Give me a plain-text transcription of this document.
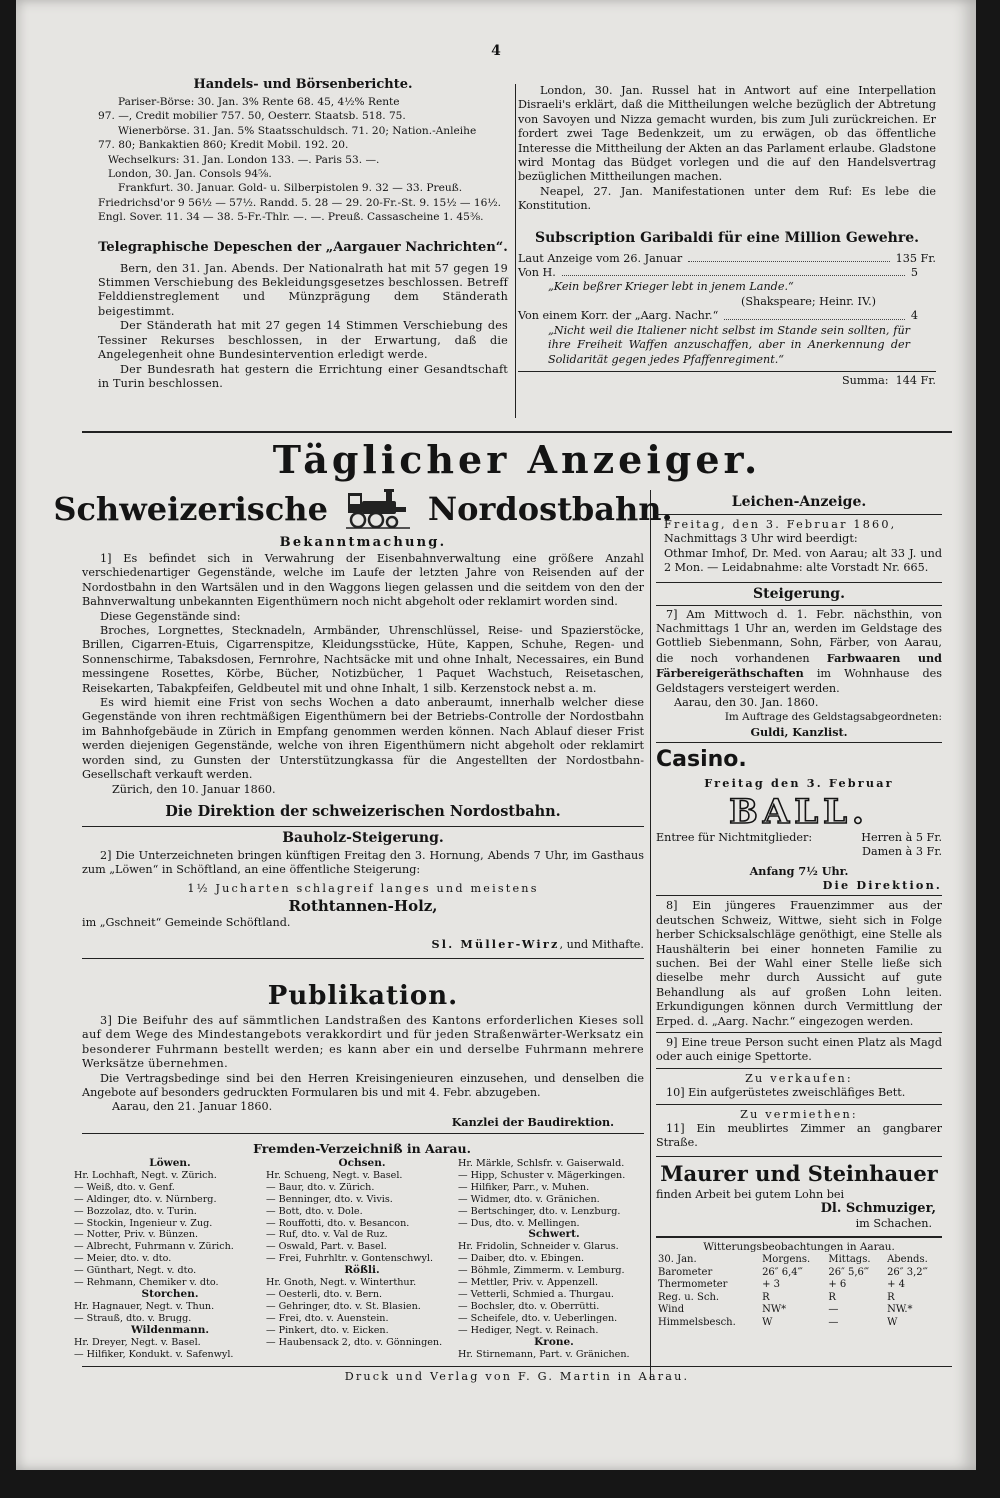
4
Handels- und Börsenberichte.

Pariser-Börse: 30. Jan. 3% Rente 68. 45, 4½% Rente

97. —, Credit mobilier 757. 50, Oesterr. Staatsb. 518. 75.

Wienerbörse. 31. Jan. 5% Staatsschuldsch. 71. 20; Nation.-Anleihe

77. 80; Bankaktien 860; Kredit Mobil. 192. 20.

Wechselkurs: 31. Jan. London 133. —. Paris 53. —.

London, 30. Jan. Consols 94⅝.

Frankfurt. 30. Januar. Gold- u. Silberpistolen 9. 32 — 33. Preuß.

Friedrichsd'or 9 56½ — 57½. Randd. 5. 28 — 29. 20-Fr.-St. 9. 15½ — 16½.

Engl. Sover. 11. 34 — 38. 5-Fr.-Thlr. —. —. Preuß. Cassascheine 1. 45⅜.

Telegraphische Depeschen der „Aargauer Nachrichten“.

Bern, den 31. Jan. Abends. Der Nationalrath hat mit 57 gegen 19 Stimmen Verschiebung des Bekleidungsgesetzes beschlossen. Betreff Felddienstreglement und Münzprägung dem Ständerath beigestimmt.

Der Ständerath hat mit 27 gegen 14 Stimmen Verschiebung des Tessiner Rekurses beschlossen, in der Erwartung, daß die Angelegenheit ohne Bundesintervention erledigt werde.

Der Bundesrath hat gestern die Errichtung einer Gesandtschaft in Turin beschlossen.

London, 30. Jan. Russel hat in Antwort auf eine Interpellation Disraeli's erklärt, daß die Mittheilungen welche bezüglich der Abtretung von Savoyen und Nizza gemacht wurden, bis zum Juli zurückreichen. Er fordert zwei Tage Bedenkzeit, um zu erwägen, ob das öffentliche Interesse die Mittheilung der Akten an das Parlament erlaube. Gladstone wird Montag das Büdget vorlegen und die auf den Handelsvertrag bezüglichen Mittheilungen machen.

Neapel, 27. Jan. Manifestationen unter dem Ruf: Es lebe die Konstitution.

Subscription Garibaldi für eine Million Gewehre.
Laut Anzeige vom 26. Januar	135 Fr.
Von H.	5

„Kein beßrer Krieger lebt in jenem Lande.“

(Shakspeare; Heinr. IV.)

Von einem Korr. der „Aarg. Nachr.“	4

„Nicht weil die Italiener nicht selbst im Stande sein sollten, für ihre Freiheit Waffen anzuschaffen, aber in Anerkennung der Solidarität gegen jedes Pfaffenregiment.“

Summa: 144 Fr.

Täglicher Anzeiger.
Schweizerische	Nordostbahn.
Bekanntmachung.

1] Es befindet sich in Verwahrung der Eisenbahnverwaltung eine größere Anzahl verschiedenartiger Gegenstände, welche im Laufe der letzten Jahre von Reisenden auf der Nordostbahn in den Wartsälen und in den Waggons liegen gelassen und die seitdem von den der Bahnverwaltung unbekannten Eigenthümern noch nicht abgeholt oder reklamirt worden sind.

Diese Gegenstände sind:

Broches, Lorgnettes, Stecknadeln, Armbänder, Uhrenschlüssel, Reise- und Spazierstöcke, Brillen, Cigarren-Etuis, Cigarrenspitze, Kleidungsstücke, Hüte, Kappen, Schuhe, Regen- und Sonnenschirme, Tabaksdosen, Fernrohre, Nachtsäcke mit und ohne Inhalt, Necessaires, ein Bund messingene Rosettes, Körbe, Bücher, Notizbücher, 1 Paquet Wachstuch, Reisetaschen, Reisekarten, Tabakpfeifen, Geldbeutel mit und ohne Inhalt, 1 silb. Kerzenstock nebst a. m.

Es wird hiemit eine Frist von sechs Wochen a dato anberaumt, innerhalb welcher diese Gegenstände von ihren rechtmäßigen Eigenthümern bei der Betriebs-Controlle der Nordostbahn im Bahnhofgebäude in Zürich in Empfang genommen werden können. Nach Ablauf dieser Frist werden diejenigen Gegenstände, welche von ihren Eigenthümern nicht abgeholt oder reklamirt worden sind, zu Gunsten der Unterstützungkassa für die Angestellten der Nordostbahn-Gesellschaft verkauft werden.

Zürich, den 10. Januar 1860.

Die Direktion der schweizerischen Nordostbahn.
Bauholz-Steigerung.

2] Die Unterzeichneten bringen künftigen Freitag den 3. Hornung, Abends 7 Uhr, im Gasthaus zum „Löwen“ in Schöftland, an eine öffentliche Steigerung:

1½ Jucharten schlagreif langes und meistens

Rothtannen-Holz,

im „Gschneit“ Gemeinde Schöftland.

Sl. Müller-Wirz, und Mithafte.

Publikation.

3] Die Beifuhr des auf sämmtlichen Landstraßen des Kantons erforderlichen Kieses soll auf dem Wege des Mindestangebots verakkordirt und für jeden Straßenwärter-Werksatz ein besonderer Fuhrmann bestellt werden; es kann aber ein und derselbe Fuhrmann mehrere Werksätze übernehmen.

Die Vertragsbedinge sind bei den Herren Kreisingenieuren einzusehen, und denselben die Angebote auf besonders gedruckten Formularen bis und mit 4. Febr. abzugeben.

Aarau, den 21. Januar 1860.

Kanzlei der Baudirektion.

Fremden-Verzeichniß in Aarau.

Löwen.

Hr. Lochhaft, Negt. v. Zürich.

— Weiß, dto. v. Genf.

— Aldinger, dto. v. Nürnberg.

— Bozzolaz, dto. v. Turin.

— Stockin, Ingenieur v. Zug.

— Notter, Priv. v. Bünzen.

— Albrecht, Fuhrmann v. Zürich.

— Meier, dto. v. dto.

— Günthart, Negt. v. dto.

— Rehmann, Chemiker v. dto.

Storchen.

Hr. Hagnauer, Negt. v. Thun.

— Strauß, dto. v. Brugg.

Wildenmann.

Hr. Dreyer, Negt. v. Basel.

— Hilfiker, Kondukt. v. Safenwyl.

Ochsen.

Hr. Schueng, Negt. v. Basel.

— Baur, dto. v. Zürich.

— Benninger, dto. v. Vivis.

— Bott, dto. v. Dole.

— Rouffotti, dto. v. Besancon.

— Ruf, dto. v. Val de Ruz.

— Oswald, Part. v. Basel.

— Frei, Fuhrhltr. v. Gontenschwyl.

Rößli.

Hr. Gnoth, Negt. v. Winterthur.

— Oesterli, dto. v. Bern.

— Gehringer, dto. v. St. Blasien.

— Frei, dto. v. Auenstein.

— Pinkert, dto. v. Eicken.

— Haubensack 2, dto. v. Gönningen.

Hr. Märkle, Schlsfr. v. Gaiserwald.

— Hipp, Schuster v. Mägerkingen.

— Hilfiker, Parr., v. Muhen.

— Widmer, dto. v. Gränichen.

— Bertschinger, dto. v. Lenzburg.

— Dus, dto. v. Mellingen.

Schwert.

Hr. Fridolin, Schneider v. Glarus.

— Daiber, dto. v. Ebingen.

— Böhmle, Zimmerm. v. Lemburg.

— Mettler, Priv. v. Appenzell.

— Vetterli, Schmied a. Thurgau.

— Bochsler, dto. v. Oberrütti.

— Scheifele, dto. v. Ueberlingen.

— Hediger, Negt. v. Reinach.

Krone.

Hr. Stirnemann, Part. v. Gränichen.

Druck und Verlag von F. G. Martin in Aarau.
Leichen-Anzeige.

Freitag, den 3. Februar 1860,

Nachmittags 3 Uhr wird beerdigt:

Othmar Imhof, Dr. Med. von Aarau; alt 33 J. und 2 Mon. — Leidabnahme: alte Vorstadt Nr. 665.

Steigerung.

7] Am Mittwoch d. 1. Febr. nächsthin, von Nachmittags 1 Uhr an, werden im Geldstage des Gottlieb Siebenmann, Sohn, Färber, von Aarau, die noch vorhandenen Farbwaaren und Färbereigeräthschaften im Wohnhause des Geldstagers versteigert werden.

Aarau, den 30. Jan. 1860.

Im Auftrage des Geldstagsabgeordneten:

Guldi, Kanzlist.

Casino.

Freitag den 3. Februar

BALL.

Entree für Nichtmitglieder:	Herren à 5 Fr.

Damen à 3 Fr.

Anfang 7½ Uhr.

Die Direktion.

8] Ein jüngeres Frauenzimmer aus der deutschen Schweiz, Wittwe, sieht sich in Folge herber Schicksalschläge genöthigt, eine Stelle als Haushälterin bei einer honneten Familie zu suchen. Bei der Wahl einer Stelle ließe sich dieselbe mehr durch Aussicht auf gute Behandlung als auf großen Lohn leiten. Erkundigungen können durch Vermittlung der Erped. d. „Aarg. Nachr.“ eingezogen werden.

9] Eine treue Person sucht einen Platz als Magd oder auch einige Spettorte.

Zu verkaufen:

10] Ein aufgerüstetes zweischläfiges Bett.

Zu vermiethen:

11] Ein meublirtes Zimmer an gangbarer Straße.

Maurer und Steinhauer

finden Arbeit bei gutem Lohn bei

Dl. Schmuziger,

im Schachen.

Witterungsbeobachtungen in Aarau.

30. Jan.	Morgens.	Mittags.	Abends.
Barometer	26″ 6,4‴	26″ 5,6‴	26″ 3,2‴
Thermometer	+ 3	+ 6	+ 4
Reg. u. Sch.	R	R	R
Wind	NW*	—	NW.*
Himmelsbesch.	W	—	W
